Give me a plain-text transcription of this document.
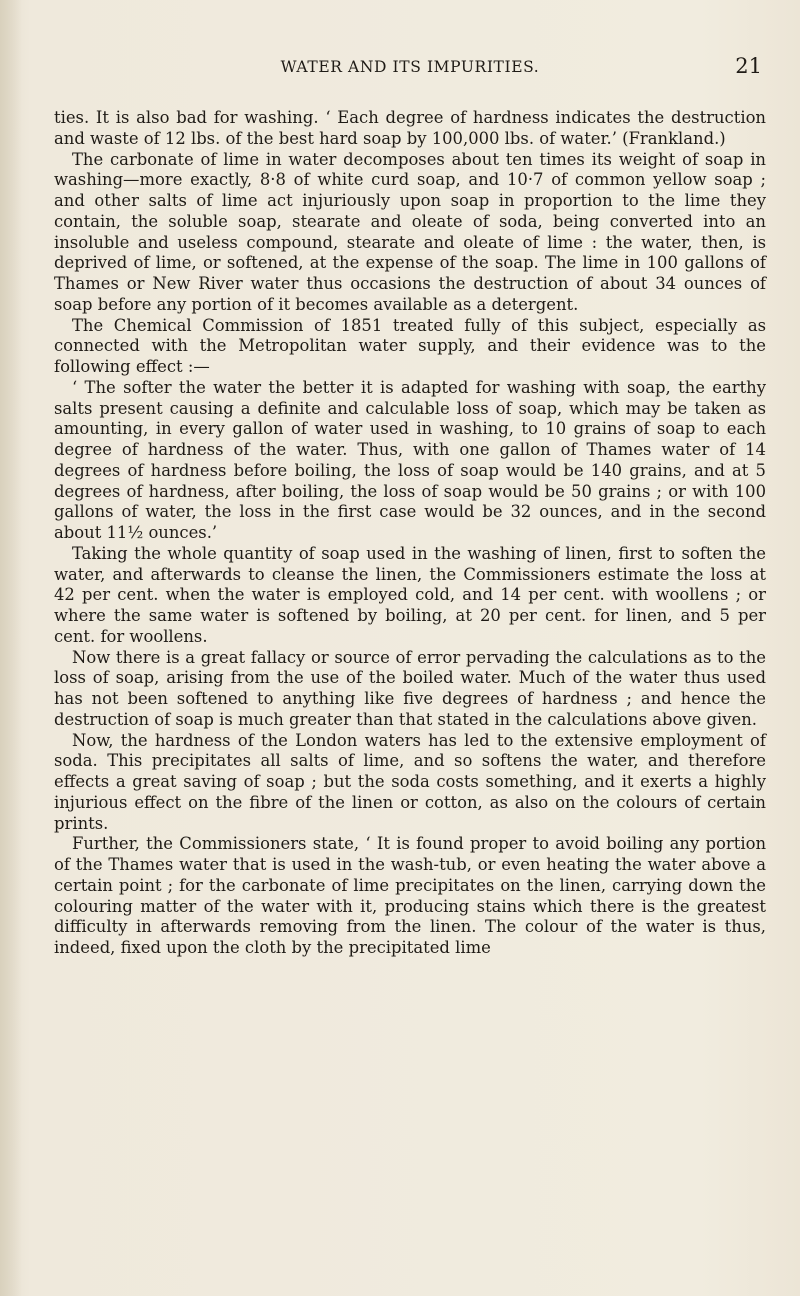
WATER AND ITS IMPURITIES.	21

ties. It is also bad for washing. ‘ Each degree of hardness indicates the destruction and waste of 12 lbs. of the best hard soap by 100,000 lbs. of water.’ (Frankland.)

The carbonate of lime in water decomposes about ten times its weight of soap in washing—more exactly, 8·8 of white curd soap, and 10·7 of common yellow soap ; and other salts of lime act injuriously upon soap in proportion to the lime they contain, the soluble soap, stearate and oleate of soda, being converted into an insoluble and useless compound, stearate and oleate of lime : the water, then, is deprived of lime, or softened, at the expense of the soap. The lime in 100 gallons of Thames or New River water thus occasions the destruction of about 34 ounces of soap before any portion of it becomes available as a detergent.

The Chemical Commission of 1851 treated fully of this subject, especially as connected with the Metropolitan water supply, and their evidence was to the following effect :—

‘ The softer the water the better it is adapted for washing with soap, the earthy salts present causing a definite and calculable loss of soap, which may be taken as amounting, in every gallon of water used in washing, to 10 grains of soap to each degree of hardness of the water. Thus, with one gallon of Thames water of 14 degrees of hardness before boiling, the loss of soap would be 140 grains, and at 5 degrees of hardness, after boiling, the loss of soap would be 50 grains ; or with 100 gallons of water, the loss in the first case would be 32 ounces, and in the second about 11½ ounces.’

Taking the whole quantity of soap used in the washing of linen, first to soften the water, and afterwards to cleanse the linen, the Commissioners estimate the loss at 42 per cent. when the water is employed cold, and 14 per cent. with woollens ; or where the same water is softened by boiling, at 20 per cent. for linen, and 5 per cent. for woollens.

Now there is a great fallacy or source of error pervading the calculations as to the loss of soap, arising from the use of the boiled water. Much of the water thus used has not been softened to anything like five degrees of hardness ; and hence the destruction of soap is much greater than that stated in the calculations above given.

Now, the hardness of the London waters has led to the extensive employment of soda. This precipitates all salts of lime, and so softens the water, and therefore effects a great saving of soap ; but the soda costs something, and it exerts a highly injurious effect on the fibre of the linen or cotton, as also on the colours of certain prints.

Further, the Commissioners state, ‘ It is found proper to avoid boiling any portion of the Thames water that is used in the wash-tub, or even heating the water above a certain point ; for the carbonate of lime precipitates on the linen, carrying down the colouring matter of the water with it, producing stains which there is the greatest difficulty in afterwards removing from the linen. The colour of the water is thus, indeed, fixed upon the cloth by the precipitated lime
